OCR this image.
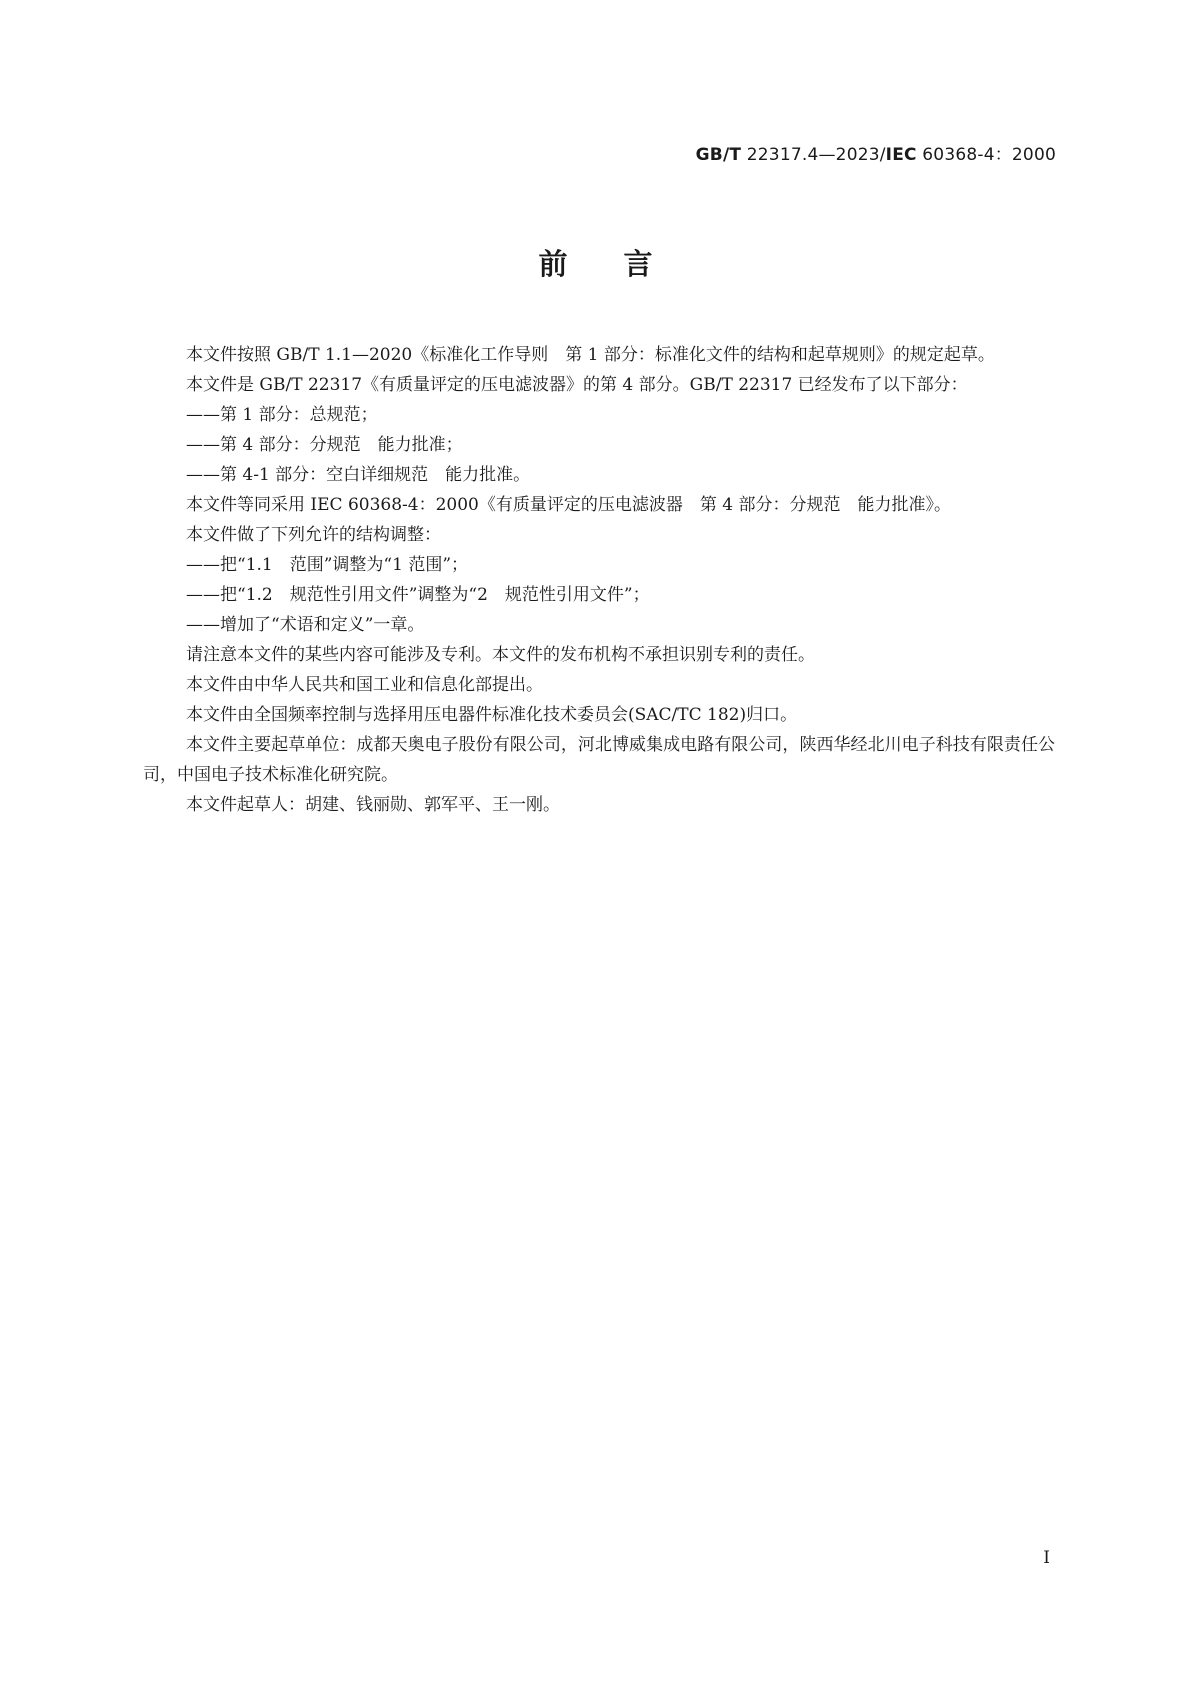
GB/T 22317.4—2023/IEC 60368-4：2000
前言

本文件按照 GB/T 1.1—2020《标准化工作导则　第 1 部分：标准化文件的结构和起草规则》的规定起草。

本文件是 GB/T 22317《有质量评定的压电滤波器》的第 4 部分。GB/T 22317 已经发布了以下部分：

——第 1 部分：总规范；

——第 4 部分：分规范　能力批准；

——第 4-1 部分：空白详细规范　能力批准。

本文件等同采用 IEC 60368-4：2000《有质量评定的压电滤波器　第 4 部分：分规范　能力批准》。

本文件做了下列允许的结构调整：

——把“1.1　范围”调整为“1 范围”；

——把“1.2　规范性引用文件”调整为“2　规范性引用文件”；

——增加了“术语和定义”一章。

请注意本文件的某些内容可能涉及专利。本文件的发布机构不承担识别专利的责任。

本文件由中华人民共和国工业和信息化部提出。

本文件由全国频率控制与选择用压电器件标准化技术委员会(SAC/TC 182)归口。

本文件主要起草单位：成都天奥电子股份有限公司，河北博威集成电路有限公司，陕西华经北川电子科技有限责任公司，中国电子技术标准化研究院。

本文件起草人：胡建、钱丽勋、郭军平、王一刚。

I
